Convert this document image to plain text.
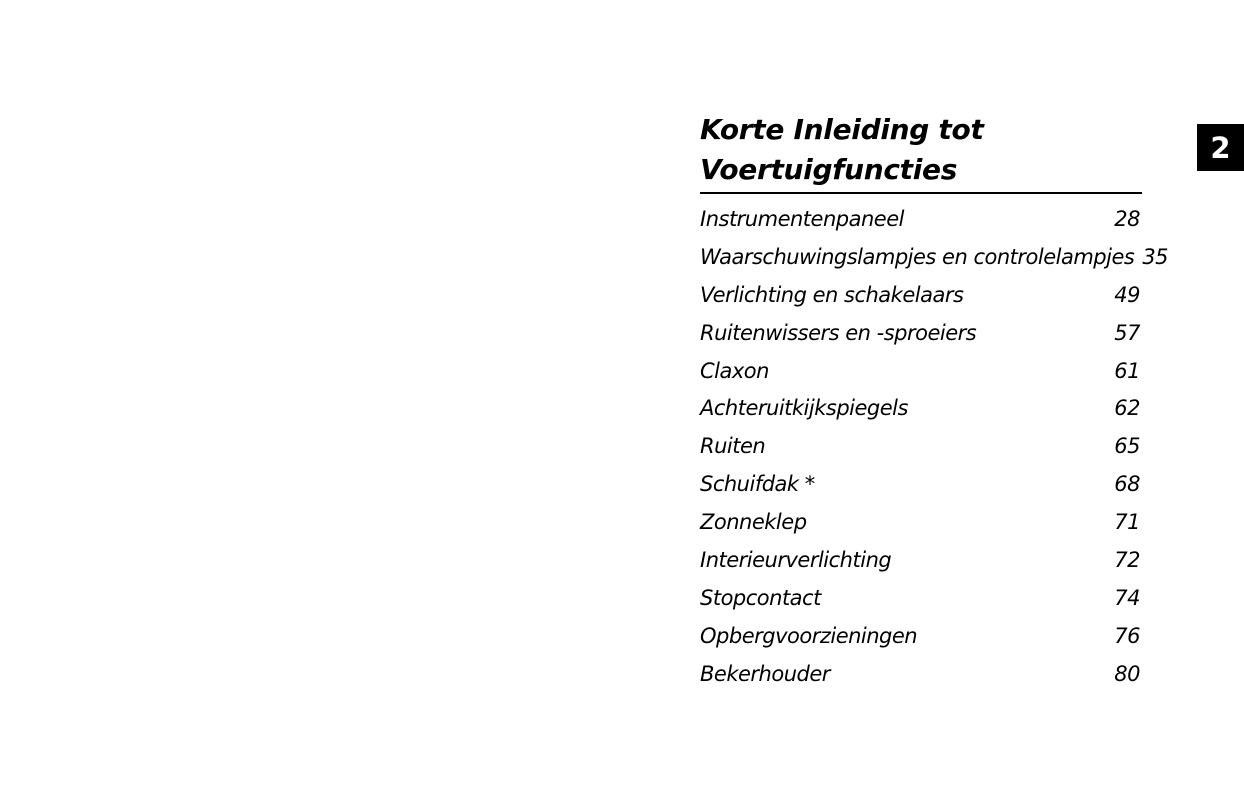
2
Korte Inleiding tot
Voertuigfuncties
Instrumentenpaneel	28
Waarschuwingslampjes en controlelampjes 35
Verlichting en schakelaars	49
Ruitenwissers en -sproeiers	57
Claxon	61
Achteruitkijkspiegels	62
Ruiten	65
Schuifdak *	68
Zonneklep	71
Interieurverlichting	72
Stopcontact	74
Opbergvoorzieningen	76
Bekerhouder	80
